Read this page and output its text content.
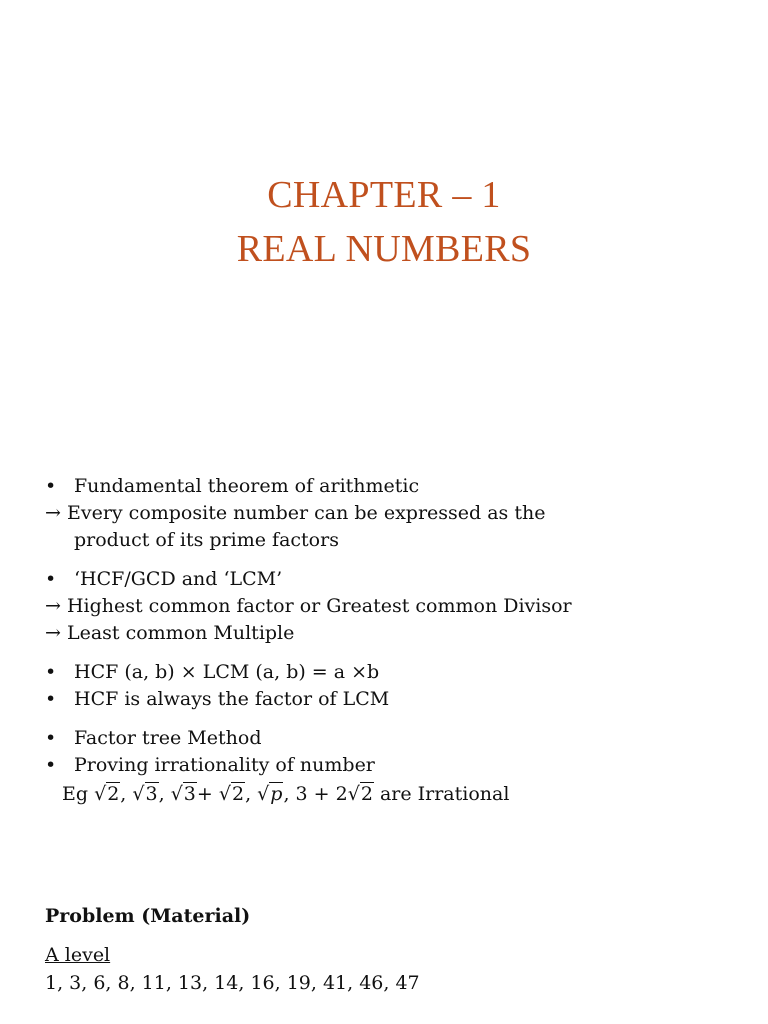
CHAPTER – 1
REAL NUMBERS
• Fundamental theorem of arithmetic
→ Every composite number can be expressed as the
product of its prime factors
• ‘HCF/GCD and ‘LCM’
→ Highest common factor or Greatest common Divisor
→ Least common Multiple
• HCF (a, b) × LCM (a, b) = a ×b
• HCF is always the factor of LCM
• Factor tree Method
• Proving irrationality of number
Eg √2, √3, √3+ √2, √p, 3 + 2√2 are Irrational
Problem (Material)
A level
1, 3, 6, 8, 11, 13, 14, 16, 19, 41, 46, 47
